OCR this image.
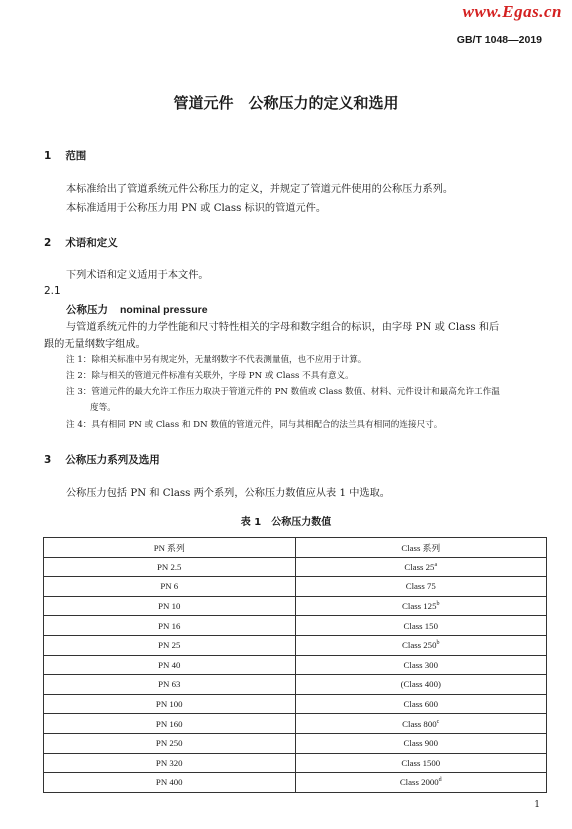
www.Egas.cn
GB/T 1048—2019
管道元件　公称压力的定义和选用
1 范围
本标准给出了管道系统元件公称压力的定义，并规定了管道元件使用的公称压力系列。
本标准适用于公称压力用 PN 或 Class 标识的管道元件。
2 术语和定义
下列术语和定义适用于本文件。
2.1
公称压力 nominal pressure
与管道系统元件的力学性能和尺寸特性相关的字母和数字组合的标识，由字母 PN 或 Class 和后
跟的无量纲数字组成。
注 1：除相关标准中另有规定外，无量纲数字不代表测量值，也不应用于计算。
注 2：除与相关的管道元件标准有关联外，字母 PN 或 Class 不具有意义。
注 3：管道元件的最大允许工作压力取决于管道元件的 PN 数值或 Class 数值、材料、元件设计和最高允许工作温
度等。
注 4：具有相同 PN 或 Class 和 DN 数值的管道元件，同与其相配合的法兰具有相同的连接尺寸。
3 公称压力系列及选用
公称压力包括 PN 和 Class 两个系列，公称压力数值应从表 1 中选取。
表 1　公称压力数值
PN 系列	Class 系列
PN 2.5	Class 25$^a$
PN 6	Class 75
PN 10	Class 125$^b$
PN 16	Class 150
PN 25	Class 250$^b$
PN 40	Class 300
PN 63	(Class 400)
PN 100	Class 600
PN 160	Class 800$^c$
PN 250	Class 900
PN 320	Class 1500
PN 400	Class 2000$^d$
1
